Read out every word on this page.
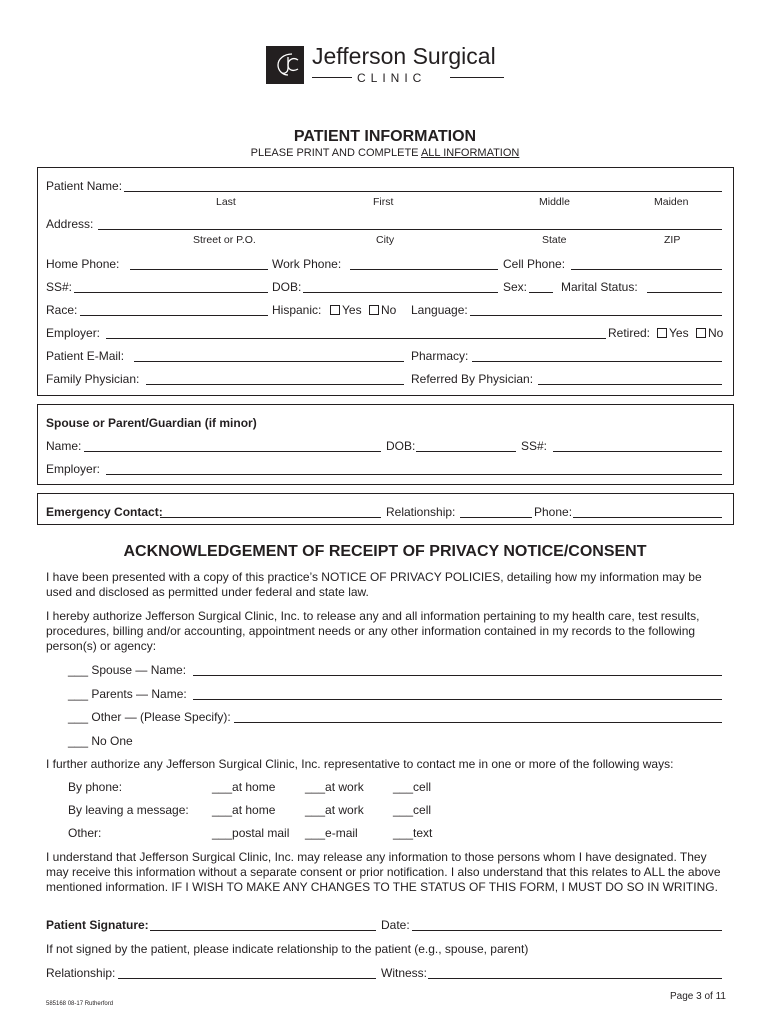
Jefferson Surgical
CLINIC
PATIENT INFORMATION
PLEASE PRINT AND COMPLETE ALL INFORMATION
Patient Name:
Last	First	Middle	Maiden
Address:
Street or P.O.	City	State	ZIP
Home Phone:	Work Phone:	Cell Phone:
SS#:	DOB:	Sex:	Marital Status:
Race:	Hispanic:	Yes	No Language:
Employer:	Retired:	Yes	No
Patient E-Mail:	Pharmacy:
Family Physician:	Referred By Physician:
Spouse or Parent/Guardian (if minor)
Name:	DOB:	SS#:
Employer:
Emergency Contact:	Relationship:	Phone:
ACKNOWLEDGEMENT OF RECEIPT OF PRIVACY NOTICE/CONSENT
I have been presented with a copy of this practice’s NOTICE OF PRIVACY POLICIES, detailing how my information may be used and disclosed as permitted under federal and state law.
I hereby authorize Jefferson Surgical Clinic, Inc. to release any and all information pertaining to my health care, test results, procedures, billing and/or accounting, appointment needs or any other information contained in my records to the following person(s) or agency:
___ Spouse — Name:
___ Parents — Name:
___ Other — (Please Specify):
___ No One
I further authorize any Jefferson Surgical Clinic, Inc. representative to contact me in one or more of the following ways:
By phone:	___at home ___at work ___cell
By leaving a message: ___at home ___at work ___cell
Other:	___postal mail ___e-mail	___text
I understand that Jefferson Surgical Clinic, Inc. may release any information to those persons whom I have designated. They may receive this information without a separate consent or prior notification. I also understand that this relates to ALL the above mentioned information. IF I WISH TO MAKE ANY CHANGES TO THE STATUS OF THIS FORM, I MUST DO SO IN WRITING.
Patient Signature:	Date:
If not signed by the patient, please indicate relationship to the patient (e.g., spouse, parent)
Relationship:	Witness:
585168 08-17 Rutherford
Page 3 of 11
